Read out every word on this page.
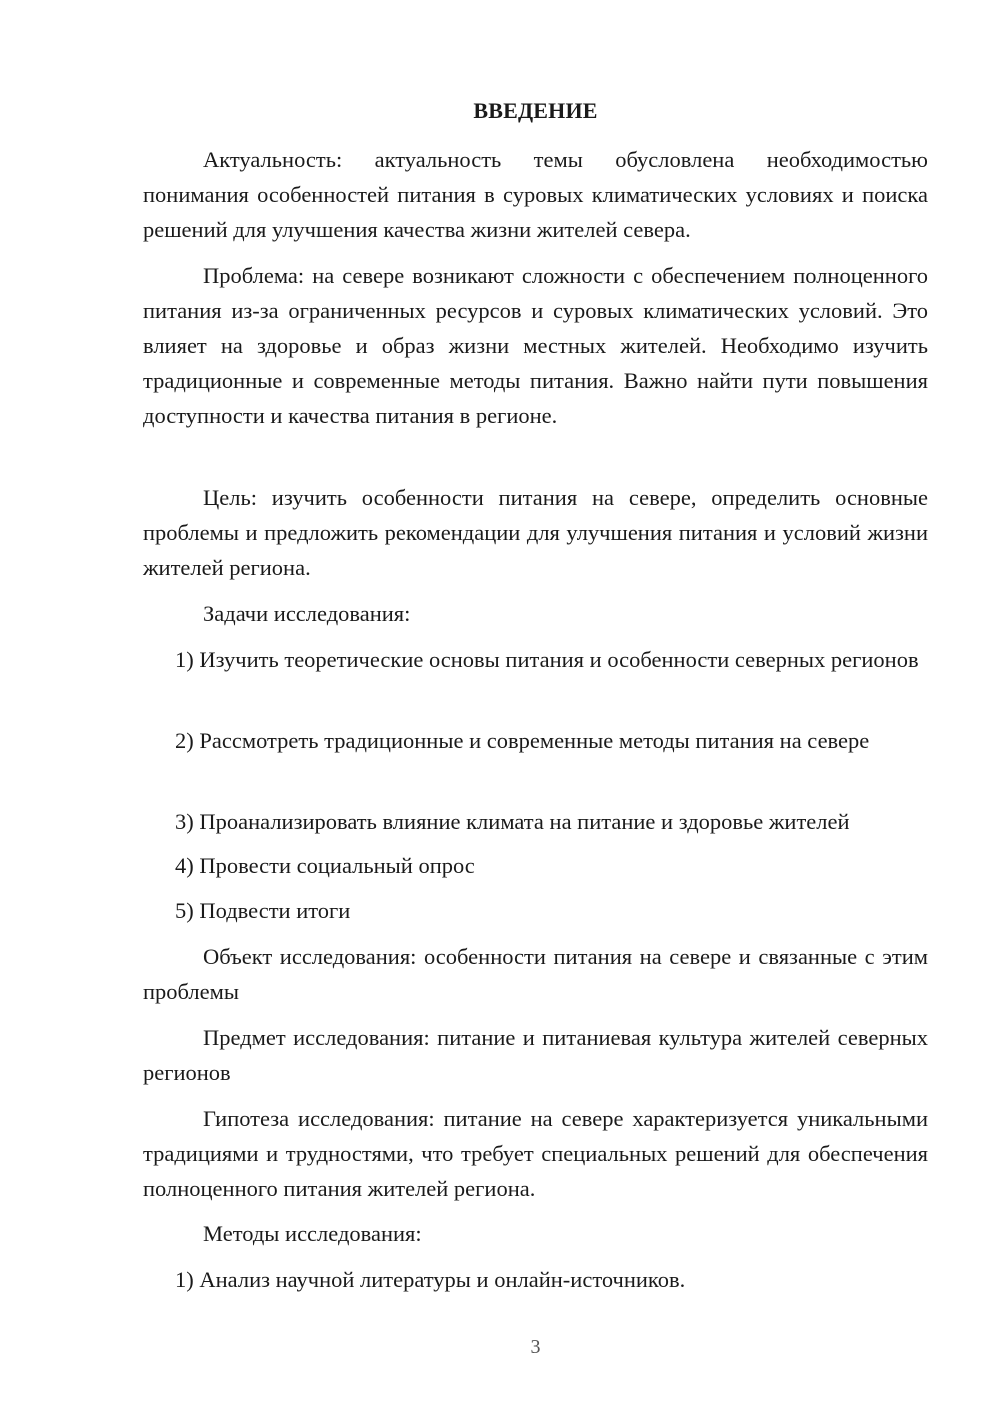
ВВЕДЕНИЕ

Актуальность: актуальность темы обусловлена необходимостью понимания особенностей питания в суровых климатических условиях и поиска решений для улучшения качества жизни жителей севера.

Проблема: на севере возникают сложности с обеспечением полноценного питания из-за ограниченных ресурсов и суровых климатических условий. Это влияет на здоровье и образ жизни местных жителей. Необходимо изучить традиционные и современные методы питания. Важно найти пути повышения доступности и качества питания в регионе.

Цель: изучить особенности питания на севере, определить основные проблемы и предложить рекомендации для улучшения питания и условий жизни жителей региона.

Задачи исследования:

1) Изучить теоретические основы питания и особенности северных регионов

2) Рассмотреть традиционные и современные методы питания на севере

3) Проанализировать влияние климата на питание и здоровье жителей

4) Провести социальный опрос

5) Подвести итоги

Объект исследования: особенности питания на севере и связанные с этим проблемы

Предмет исследования: питание и питаниевая культура жителей северных регионов

Гипотеза исследования: питание на севере характеризуется уникальными традициями и трудностями, что требует специальных решений для обеспечения полноценного питания жителей региона.

Методы исследования:

1) Анализ научной литературы и онлайн-источников.

3
